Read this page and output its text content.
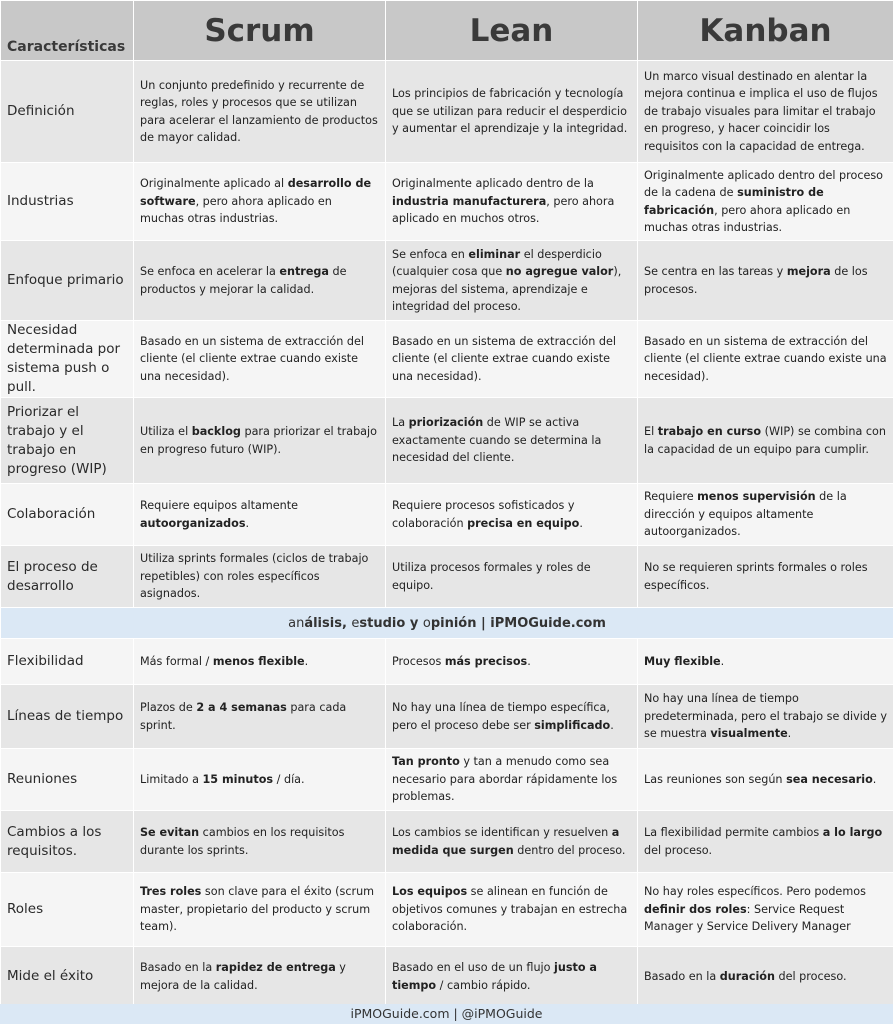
Características	Scrum	Lean	Kanban
Definición	Un conjunto predefinido y recurrente de reglas, roles y procesos que se utilizan para acelerar el lanzamiento de productos de mayor calidad.	Los principios de fabricación y tecnología que se utilizan para reducir el desperdicio y aumentar el aprendizaje y la integridad.	Un marco visual destinado en alentar la mejora continua e implica el uso de flujos de trabajo visuales para limitar el trabajo en progreso, y hacer coincidir los requisitos con la capacidad de entrega.
Industrias	Originalmente aplicado al desarrollo de software, pero ahora aplicado en muchas otras industrias.	Originalmente aplicado dentro de la industria manufacturera, pero ahora aplicado en muchos otros.	Originalmente aplicado dentro del proceso de la cadena de suministro de fabricación, pero ahora aplicado en muchas otras industrias.
Enfoque primario	Se enfoca en acelerar la entrega de productos y mejorar la calidad.	Se enfoca en eliminar el desperdicio (cualquier cosa que no agregue valor), mejoras del sistema, aprendizaje e integridad del proceso.	Se centra en las tareas y mejora de los procesos.
Necesidad determinada por sistema push o pull.	Basado en un sistema de extracción del cliente (el cliente extrae cuando existe una necesidad).	Basado en un sistema de extracción del cliente (el cliente extrae cuando existe una necesidad).	Basado en un sistema de extracción del cliente (el cliente extrae cuando existe una necesidad).
Priorizar el trabajo y el trabajo en progreso (WIP)	Utiliza el backlog para priorizar el trabajo en progreso futuro (WIP).	La priorización de WIP se activa exactamente cuando se determina la necesidad del cliente.	El trabajo en curso (WIP) se combina con la capacidad de un equipo para cumplir.
Colaboración	Requiere equipos altamente autoorganizados.	Requiere procesos sofisticados y colaboración precisa en equipo.	Requiere menos supervisión de la dirección y equipos altamente autoorganizados.
El proceso de desarrollo	Utiliza sprints formales (ciclos de trabajo repetibles) con roles específicos asignados.	Utiliza procesos formales y roles de equipo.	No se requieren sprints formales o roles específicos.
análisis, estudio y opinión | iPMOGuide.com			
Flexibilidad	Más formal / menos flexible.	Procesos más precisos.	Muy flexible.
Líneas de tiempo	Plazos de 2 a 4 semanas para cada sprint.	No hay una línea de tiempo específica, pero el proceso debe ser simplificado.	No hay una línea de tiempo predeterminada, pero el trabajo se divide y se muestra visualmente.
Reuniones	Limitado a 15 minutos / día.	Tan pronto y tan a menudo como sea necesario para abordar rápidamente los problemas.	Las reuniones son según sea necesario.
Cambios a los requisitos.	Se evitan cambios en los requisitos durante los sprints.	Los cambios se identifican y resuelven a medida que surgen dentro del proceso.	La flexibilidad permite cambios a lo largo del proceso.
Roles	Tres roles son clave para el éxito (scrum master, propietario del producto y scrum team).	Los equipos se alinean en función de objetivos comunes y trabajan en estrecha colaboración.	No hay roles específicos. Pero podemos definir dos roles: Service Request Manager y Service Delivery Manager
Mide el éxito	Basado en la rapidez de entrega y mejora de la calidad.	Basado en el uso de un flujo justo a tiempo / cambio rápido.	Basado en la duración del proceso.
iPMOGuide.com | @iPMOGuide
